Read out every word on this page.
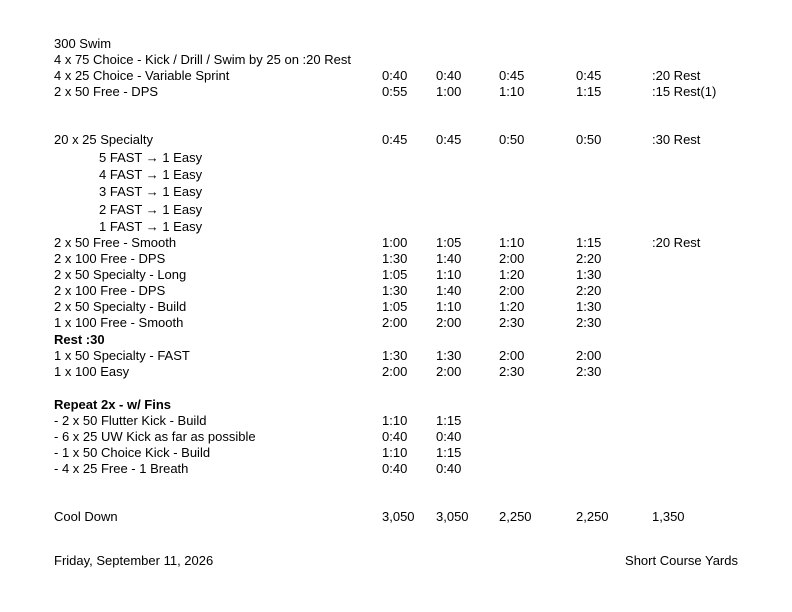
300 Swim
4 x 75 Choice - Kick / Drill / Swim by 25 on :20 Rest
4 x 25 Choice - Variable Sprint	0:40 0:40	0:45	0:45	:20 Rest
2 x 50 Free - DPS	0:55 1:00	1:10	1:15	:15 Rest(1)
20 x 25 Specialty	0:45 0:45	0:50	0:50	:30 Rest
5 FAST → 1 Easy
4 FAST → 1 Easy
3 FAST → 1 Easy
2 FAST → 1 Easy
1 FAST → 1 Easy
2 x 50 Free - Smooth	1:00 1:05	1:10	1:15	:20 Rest
2 x 100 Free - DPS	1:30 1:40	2:00	2:20
2 x 50 Specialty - Long	1:05 1:10	1:20	1:30
2 x 100 Free - DPS	1:30 1:40	2:00	2:20
2 x 50 Specialty - Build	1:05 1:10	1:20	1:30
1 x 100 Free - Smooth	2:00 2:00	2:30	2:30
Rest :30
1 x 50 Specialty - FAST	1:30 1:30	2:00	2:00
1 x 100 Easy	2:00 2:00	2:30	2:30
Repeat 2x - w/ Fins
- 2 x 50 Flutter Kick - Build	1:10 1:15
- 6 x 25 UW Kick as far as possible	0:40 0:40
- 1 x 50 Choice Kick - Build	1:10 1:15
- 4 x 25 Free - 1 Breath	0:40 0:40
Cool Down	3,050 3,050 2,250	2,250	1,350
Friday, September 11, 2026	Short Course Yards
